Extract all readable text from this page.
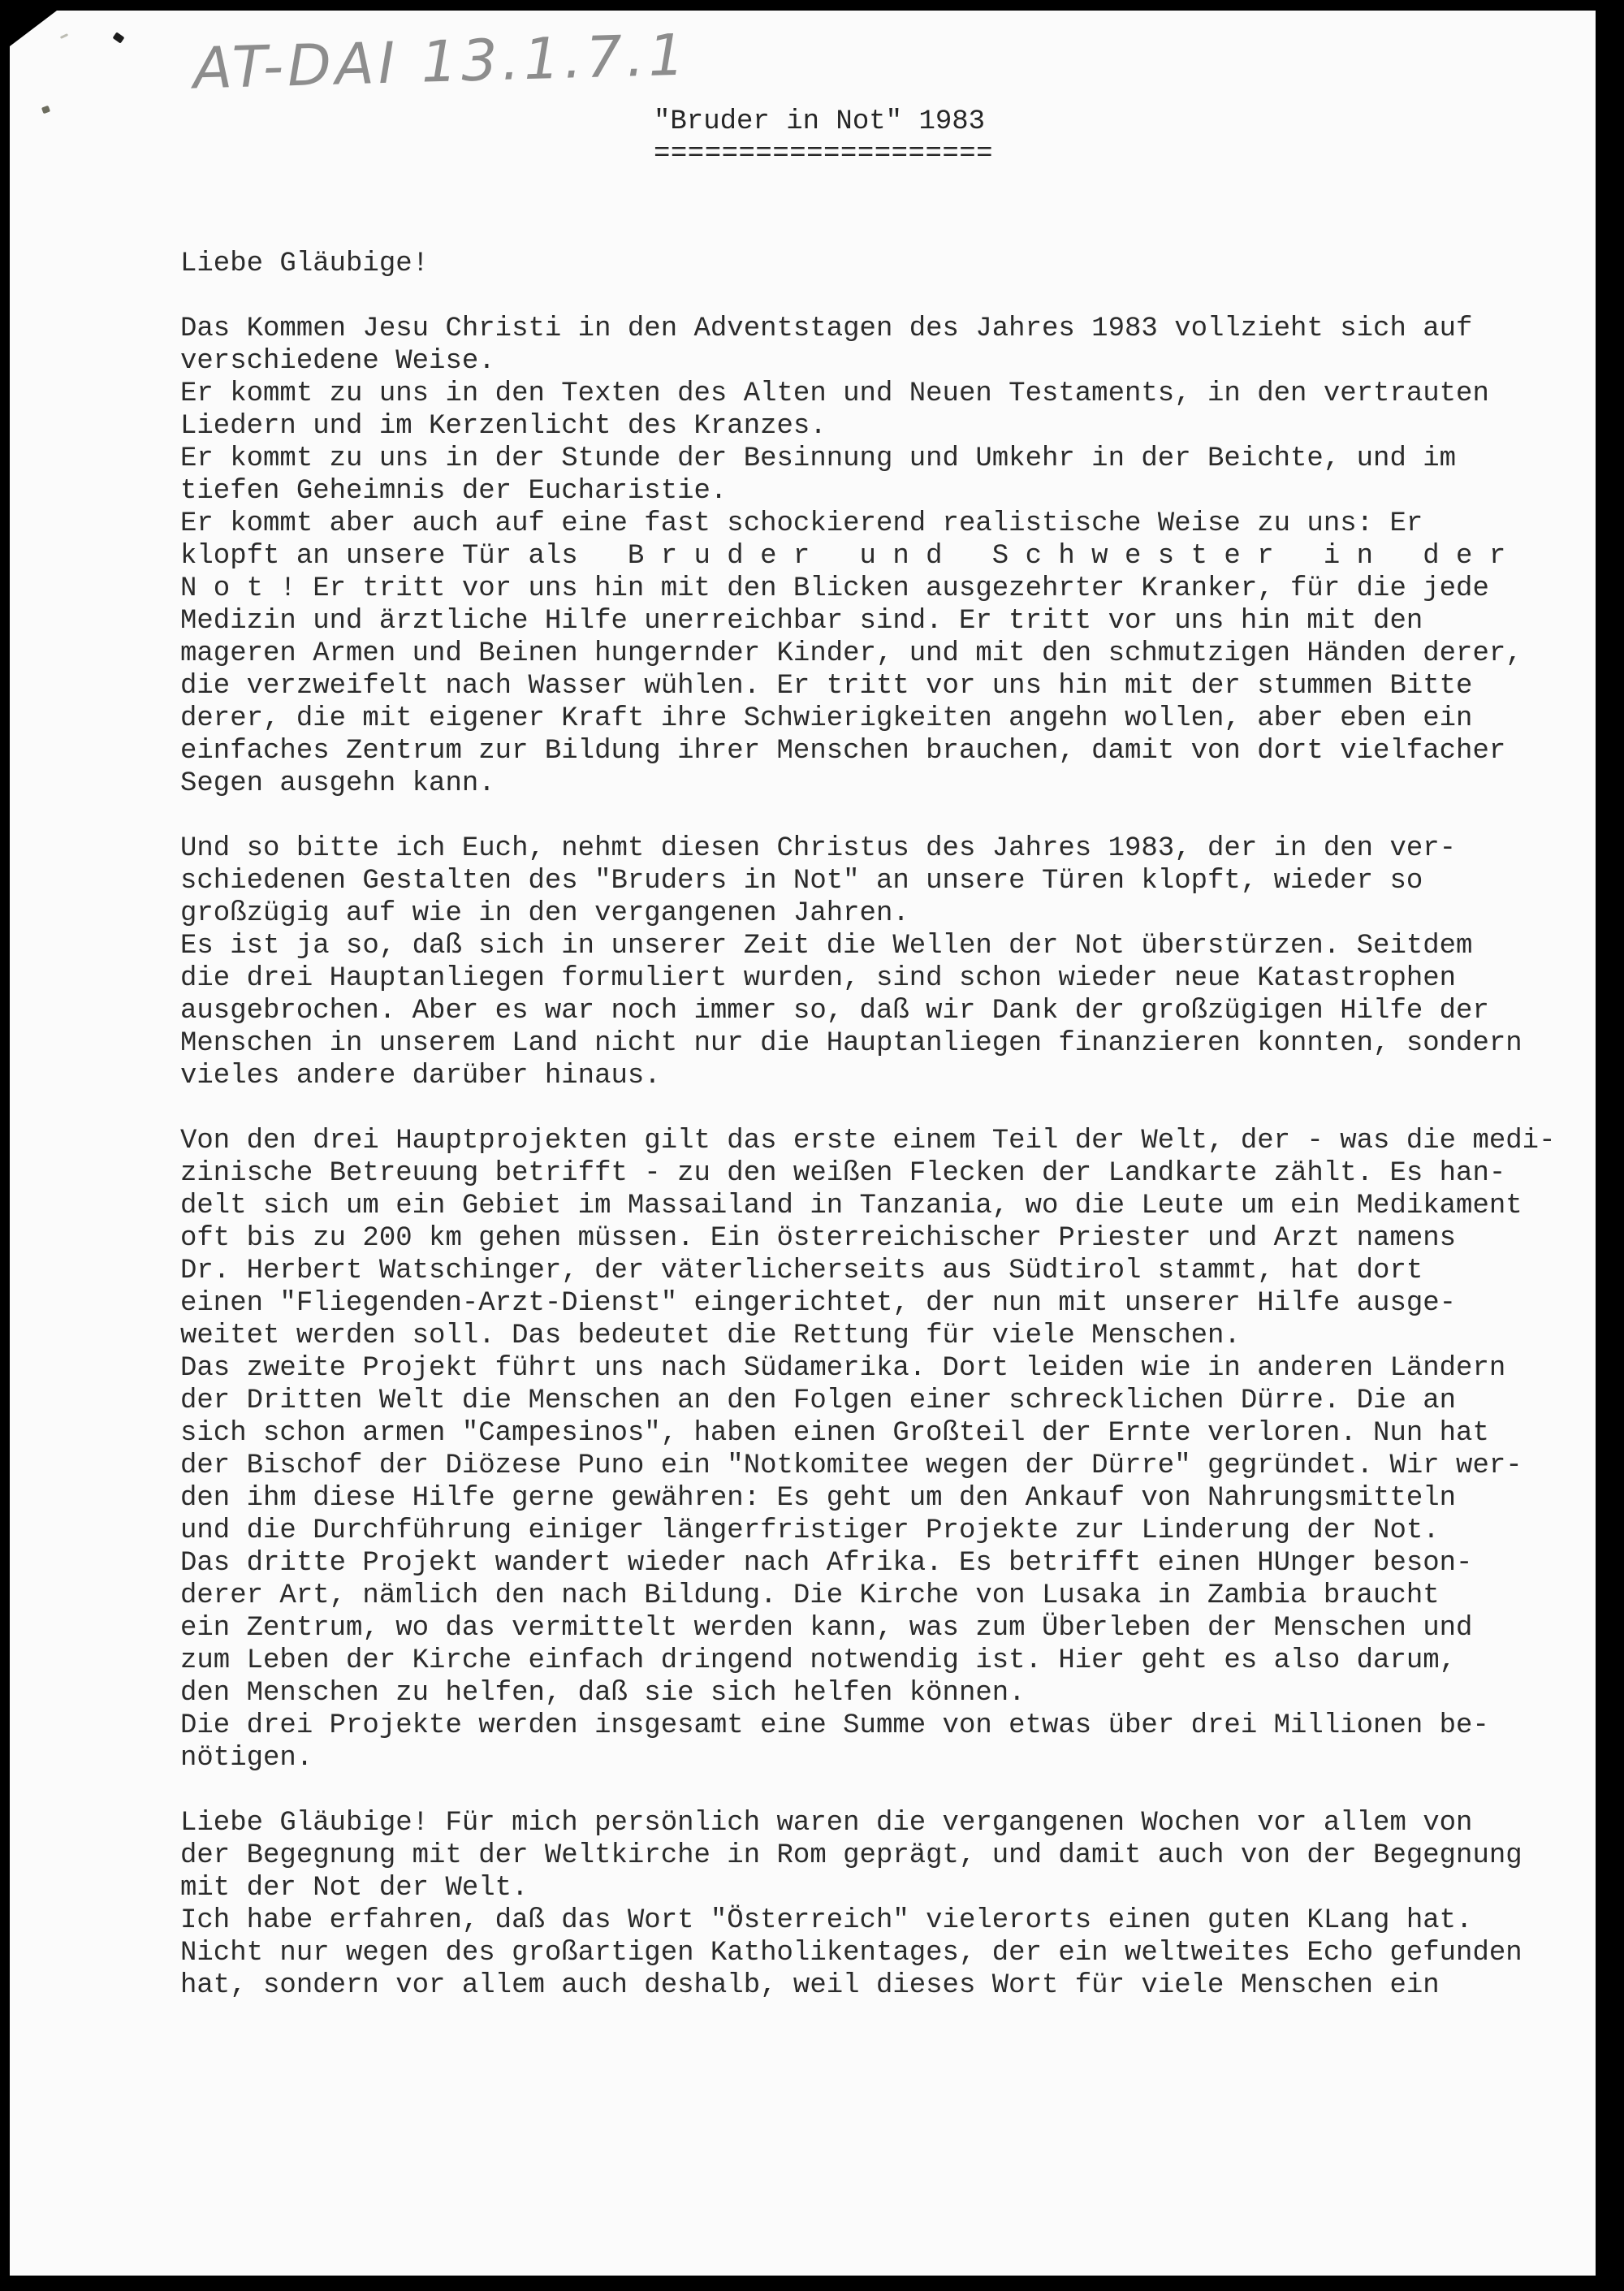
AT-DAI 13.1.7.1
"Bruder in Not" 1983
====================
Liebe Gläubige!
Das Kommen Jesu Christi in den Adventstagen des Jahres 1983 vollzieht sich auf
verschiedene Weise.
Er kommt zu uns in den Texten des Alten und Neuen Testaments, in den vertrauten
Liedern und im Kerzenlicht des Kranzes.
Er kommt zu uns in der Stunde der Besinnung und Umkehr in der Beichte, und im
tiefen Geheimnis der Eucharistie.
Er kommt aber auch auf eine fast schockierend realistische Weise zu uns: Er
klopft an unsere Tür als   B r u d e r   u n d   S c h w e s t e r   i n   d e r
N o t ! Er tritt vor uns hin mit den Blicken ausgezehrter Kranker, für die jede
Medizin und ärztliche Hilfe unerreichbar sind. Er tritt vor uns hin mit den
mageren Armen und Beinen hungernder Kinder, und mit den schmutzigen Händen derer,
die verzweifelt nach Wasser wühlen. Er tritt vor uns hin mit der stummen Bitte
derer, die mit eigener Kraft ihre Schwierigkeiten angehn wollen, aber eben ein
einfaches Zentrum zur Bildung ihrer Menschen brauchen, damit von dort vielfacher
Segen ausgehn kann.
Und so bitte ich Euch, nehmt diesen Christus des Jahres 1983, der in den ver-
schiedenen Gestalten des "Bruders in Not" an unsere Türen klopft, wieder so
großzügig auf wie in den vergangenen Jahren.
Es ist ja so, daß sich in unserer Zeit die Wellen der Not überstürzen. Seitdem
die drei Hauptanliegen formuliert wurden, sind schon wieder neue Katastrophen
ausgebrochen. Aber es war noch immer so, daß wir Dank der großzügigen Hilfe der
Menschen in unserem Land nicht nur die Hauptanliegen finanzieren konnten, sondern
vieles andere darüber hinaus.
Von den drei Hauptprojekten gilt das erste einem Teil der Welt, der - was die medi-
zinische Betreuung betrifft - zu den weißen Flecken der Landkarte zählt. Es han-
delt sich um ein Gebiet im Massailand in Tanzania, wo die Leute um ein Medikament
oft bis zu 200 km gehen müssen. Ein österreichischer Priester und Arzt namens
Dr. Herbert Watschinger, der väterlicherseits aus Südtirol stammt, hat dort
einen "Fliegenden-Arzt-Dienst" eingerichtet, der nun mit unserer Hilfe ausge-
weitet werden soll. Das bedeutet die Rettung für viele Menschen.
Das zweite Projekt führt uns nach Südamerika. Dort leiden wie in anderen Ländern
der Dritten Welt die Menschen an den Folgen einer schrecklichen Dürre. Die an
sich schon armen "Campesinos", haben einen Großteil der Ernte verloren. Nun hat
der Bischof der Diözese Puno ein "Notkomitee wegen der Dürre" gegründet. Wir wer-
den ihm diese Hilfe gerne gewähren: Es geht um den Ankauf von Nahrungsmitteln
und die Durchführung einiger längerfristiger Projekte zur Linderung der Not.
Das dritte Projekt wandert wieder nach Afrika. Es betrifft einen HUnger beson-
derer Art, nämlich den nach Bildung. Die Kirche von Lusaka in Zambia braucht
ein Zentrum, wo das vermittelt werden kann, was zum Überleben der Menschen und
zum Leben der Kirche einfach dringend notwendig ist. Hier geht es also darum,
den Menschen zu helfen, daß sie sich helfen können.
Die drei Projekte werden insgesamt eine Summe von etwas über drei Millionen be-
nötigen.
Liebe Gläubige! Für mich persönlich waren die vergangenen Wochen vor allem von
der Begegnung mit der Weltkirche in Rom geprägt, und damit auch von der Begegnung
mit der Not der Welt.
Ich habe erfahren, daß das Wort "Österreich" vielerorts einen guten KLang hat.
Nicht nur wegen des großartigen Katholikentages, der ein weltweites Echo gefunden
hat, sondern vor allem auch deshalb, weil dieses Wort für viele Menschen ein
